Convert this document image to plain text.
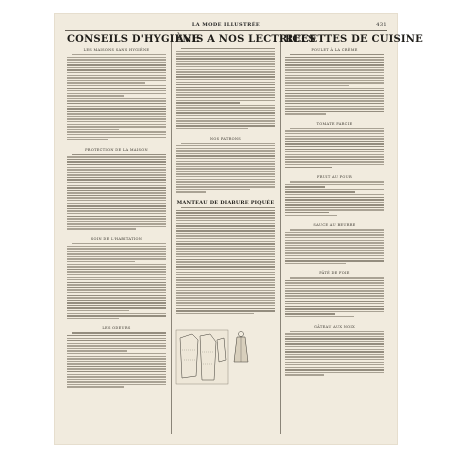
LA MODE ILLUSTRÉE	431
CONSEILS D'HYGIÈNE
LES MAISONS SANS HYGIÈNE
PROTECTION DE LA MAISON
SOIN DE L'HABITATION
LES ODEURS
AVIS A NOS LECTRICES
NOS PATRONS
MANTEAU DE DIABURE PIQUÉE
RECETTES DE CUISINE
POULET À LA CRÈME
TOMATE FARCIE
FRUIT AU FOUR
SAUCE AU BEURRE
PÂTÉ DE FOIE
GÂTEAU AUX NOIX
